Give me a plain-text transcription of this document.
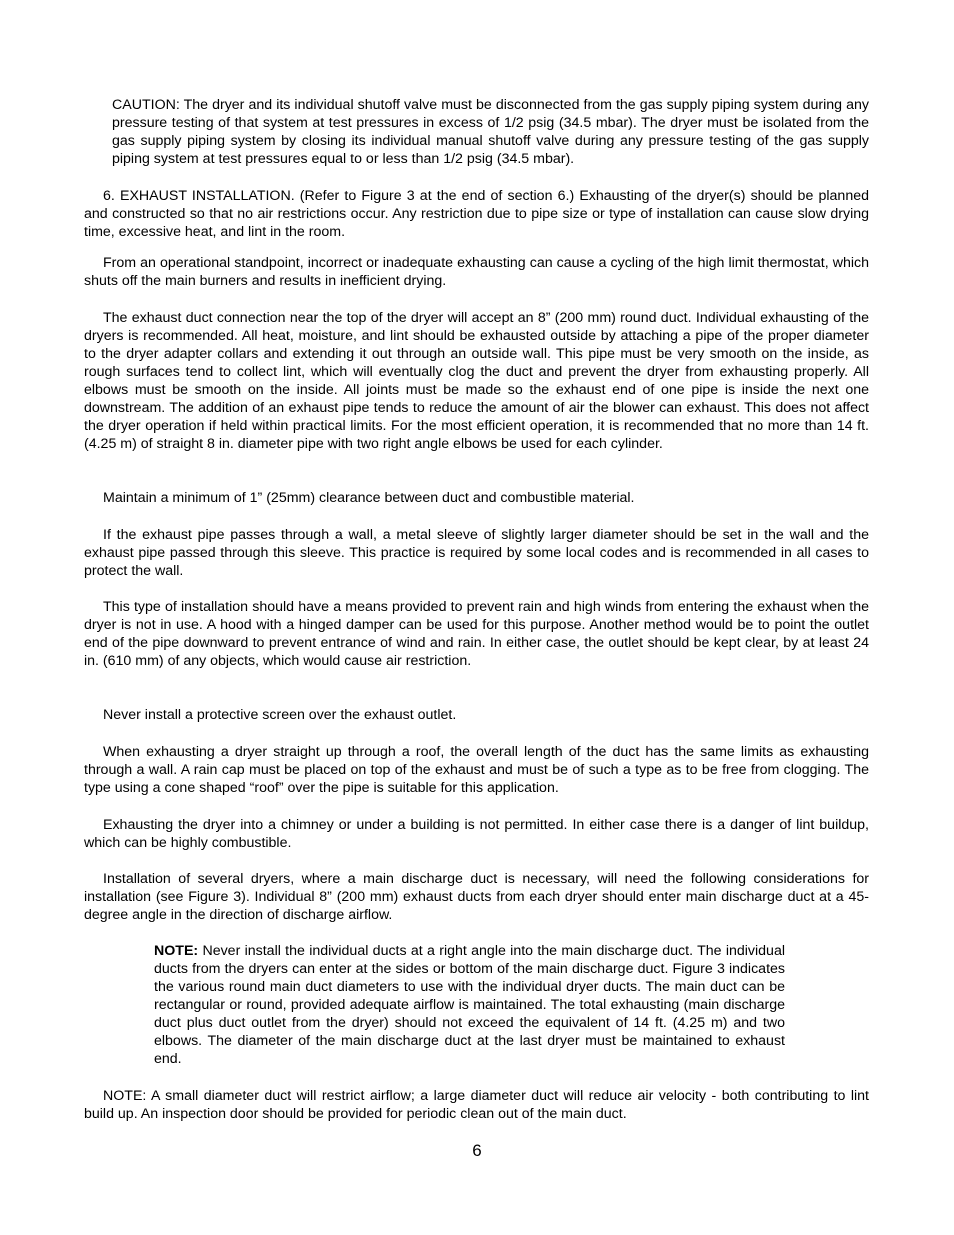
CAUTION: The dryer and its individual shutoff valve must be disconnected from the gas supply piping system during any pressure testing of that system at test pressures in excess of 1/2 psig (34.5 mbar). The dryer must be isolated from the gas supply piping system by closing its individual manual shutoff valve during any pressure testing of the gas supply piping system at test pressures equal to or less than 1/2 psig (34.5 mbar).

6. EXHAUST INSTALLATION. (Refer to Figure 3 at the end of section 6.) Exhausting of the dryer(s) should be planned and constructed so that no air restrictions occur. Any restriction due to pipe size or type of installation can cause slow drying time, excessive heat, and lint in the room.

From an operational standpoint, incorrect or inadequate exhausting can cause a cycling of the high limit thermostat, which shuts off the main burners and results in inefficient drying.

The exhaust duct connection near the top of the dryer will accept an 8” (200 mm) round duct. Individual exhausting of the dryers is recommended. All heat, moisture, and lint should be exhausted outside by attaching a pipe of the proper diameter to the dryer adapter collars and extending it out through an outside wall. This pipe must be very smooth on the inside, as rough surfaces tend to collect lint, which will eventually clog the duct and prevent the dryer from exhausting properly. All elbows must be smooth on the inside. All joints must be made so the exhaust end of one pipe is inside the next one downstream. The addition of an exhaust pipe tends to reduce the amount of air the blower can exhaust. This does not affect the dryer operation if held within practical limits. For the most efficient operation, it is recommended that no more than 14 ft. (4.25 m) of straight 8 in. diameter pipe with two right angle elbows be used for each cylinder.

Maintain a minimum of 1” (25mm) clearance between duct and combustible material.

If the exhaust pipe passes through a wall, a metal sleeve of slightly larger diameter should be set in the wall and the exhaust pipe passed through this sleeve. This practice is required by some local codes and is recommended in all cases to protect the wall.

This type of installation should have a means provided to prevent rain and high winds from entering the exhaust when the dryer is not in use. A hood with a hinged damper can be used for this purpose. Another method would be to point the outlet end of the pipe downward to prevent entrance of wind and rain. In either case, the outlet should be kept clear, by at least 24 in. (610 mm) of any objects, which would cause air restriction.

Never install a protective screen over the exhaust outlet.

When exhausting a dryer straight up through a roof, the overall length of the duct has the same limits as exhausting through a wall. A rain cap must be placed on top of the exhaust and must be of such a type as to be free from clogging. The type using a cone shaped “roof” over the pipe is suitable for this application.

Exhausting the dryer into a chimney or under a building is not permitted. In either case there is a danger of lint buildup, which can be highly combustible.

Installation of several dryers, where a main discharge duct is necessary, will need the following considerations for installation (see Figure 3). Individual 8” (200 mm) exhaust ducts from each dryer should enter main discharge duct at a 45-degree angle in the direction of discharge airflow.

NOTE: Never install the individual ducts at a right angle into the main discharge duct. The individual ducts from the dryers can enter at the sides or bottom of the main discharge duct. Figure 3 indicates the various round main duct diameters to use with the individual dryer ducts. The main duct can be rectangular or round, provided adequate airflow is maintained. The total exhausting (main discharge duct plus duct outlet from the dryer) should not exceed the equivalent of 14 ft. (4.25 m) and two elbows. The diameter of the main discharge duct at the last dryer must be maintained to exhaust end.

NOTE: A small diameter duct will restrict airflow; a large diameter duct will reduce air velocity - both contributing to lint build up. An inspection door should be provided for periodic clean out of the main duct.

6
